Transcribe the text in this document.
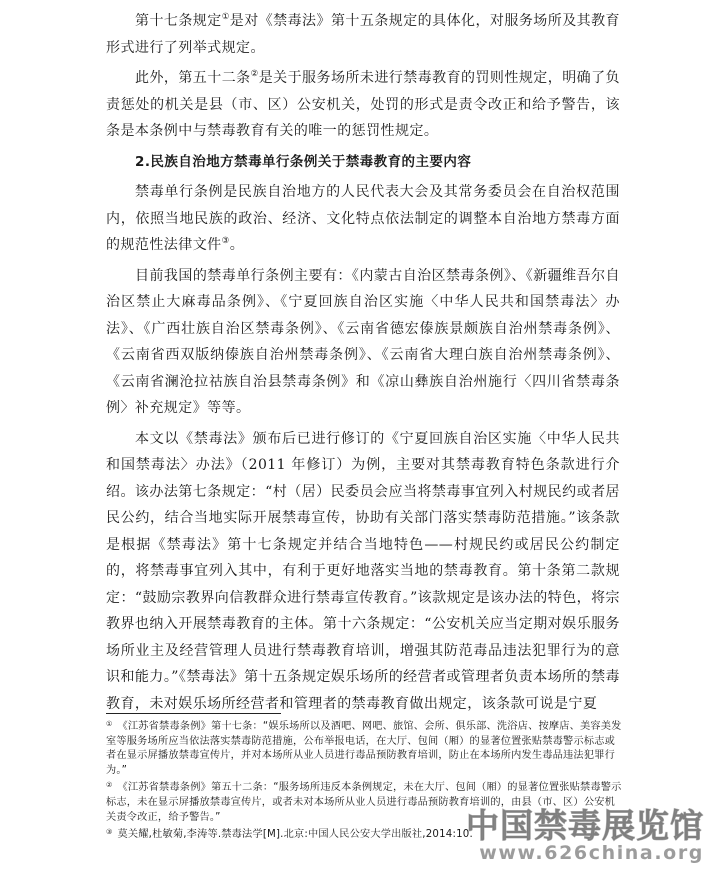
第十七条规定①是对《禁毒法》第十五条规定的具体化，对服务场所及其教育形式进行了列举式规定。

此外，第五十二条②是关于服务场所未进行禁毒教育的罚则性规定，明确了负责惩处的机关是县（市、区）公安机关，处罚的形式是责令改正和给予警告，该条是本条例中与禁毒教育有关的唯一的惩罚性规定。

2.民族自治地方禁毒单行条例关于禁毒教育的主要内容

禁毒单行条例是民族自治地方的人民代表大会及其常务委员会在自治权范围内，依照当地民族的政治、经济、文化特点依法制定的调整本自治地方禁毒方面的规范性法律文件③。

目前我国的禁毒单行条例主要有：《内蒙古自治区禁毒条例》、《新疆维吾尔自治区禁止大麻毒品条例》、《宁夏回族自治区实施〈中华人民共和国禁毒法〉办法》、《广西壮族自治区禁毒条例》、《云南省德宏傣族景颇族自治州禁毒条例》、《云南省西双版纳傣族自治州禁毒条例》、《云南省大理白族自治州禁毒条例》、《云南省澜沧拉祜族自治县禁毒条例》和《凉山彝族自治州施行〈四川省禁毒条例〉补充规定》等等。

本文以《禁毒法》颁布后已进行修订的《宁夏回族自治区实施〈中华人民共和国禁毒法〉办法》（2011 年修订）为例，主要对其禁毒教育特色条款进行介绍。该办法第七条规定：“村（居）民委员会应当将禁毒事宜列入村规民约或者居民公约，结合当地实际开展禁毒宣传，协助有关部门落实禁毒防范措施。”该条款是根据《禁毒法》第十七条规定并结合当地特色——村规民约或居民公约制定的，将禁毒事宜列入其中，有利于更好地落实当地的禁毒教育。第十条第二款规定：“鼓励宗教界向信教群众进行禁毒宣传教育。”该款规定是该办法的特色，将宗教界也纳入开展禁毒教育的主体。第十六条规定：“公安机关应当定期对娱乐服务场所业主及经营管理人员进行禁毒教育培训，增强其防范毒品违法犯罪行为的意识和能力。”《禁毒法》第十五条规定娱乐场所的经营者或管理者负责本场所的禁毒教育，未对娱乐场所经营者和管理者的禁毒教育做出规定，该条款可说是宁夏

① 《江苏省禁毒条例》第十七条：“娱乐场所以及酒吧、网吧、旅馆、会所、俱乐部、洗浴店、按摩店、美容美发室等服务场所应当依法落实禁毒防范措施，公布举报电话，在大厅、包间（厢）的显著位置张贴禁毒警示标志或者在显示屏播放禁毒宣传片，并对本场所从业人员进行毒品预防教育培训，防止在本场所内发生毒品违法犯罪行为。”

② 《江苏省禁毒条例》第五十二条：“服务场所违反本条例规定，未在大厅、包间（厢）的显著位置张贴禁毒警示标志，未在显示屏播放禁毒宣传片，或者未对本场所从业人员进行毒品预防教育培训的，由县（市、区）公安机关责令改正，给予警告。”

③ 莫关耀,杜敏菊,李涛等.禁毒法学[M].北京:中国人民公安大学出版社,2014:10.

中国禁毒展览馆
www.626china.org
